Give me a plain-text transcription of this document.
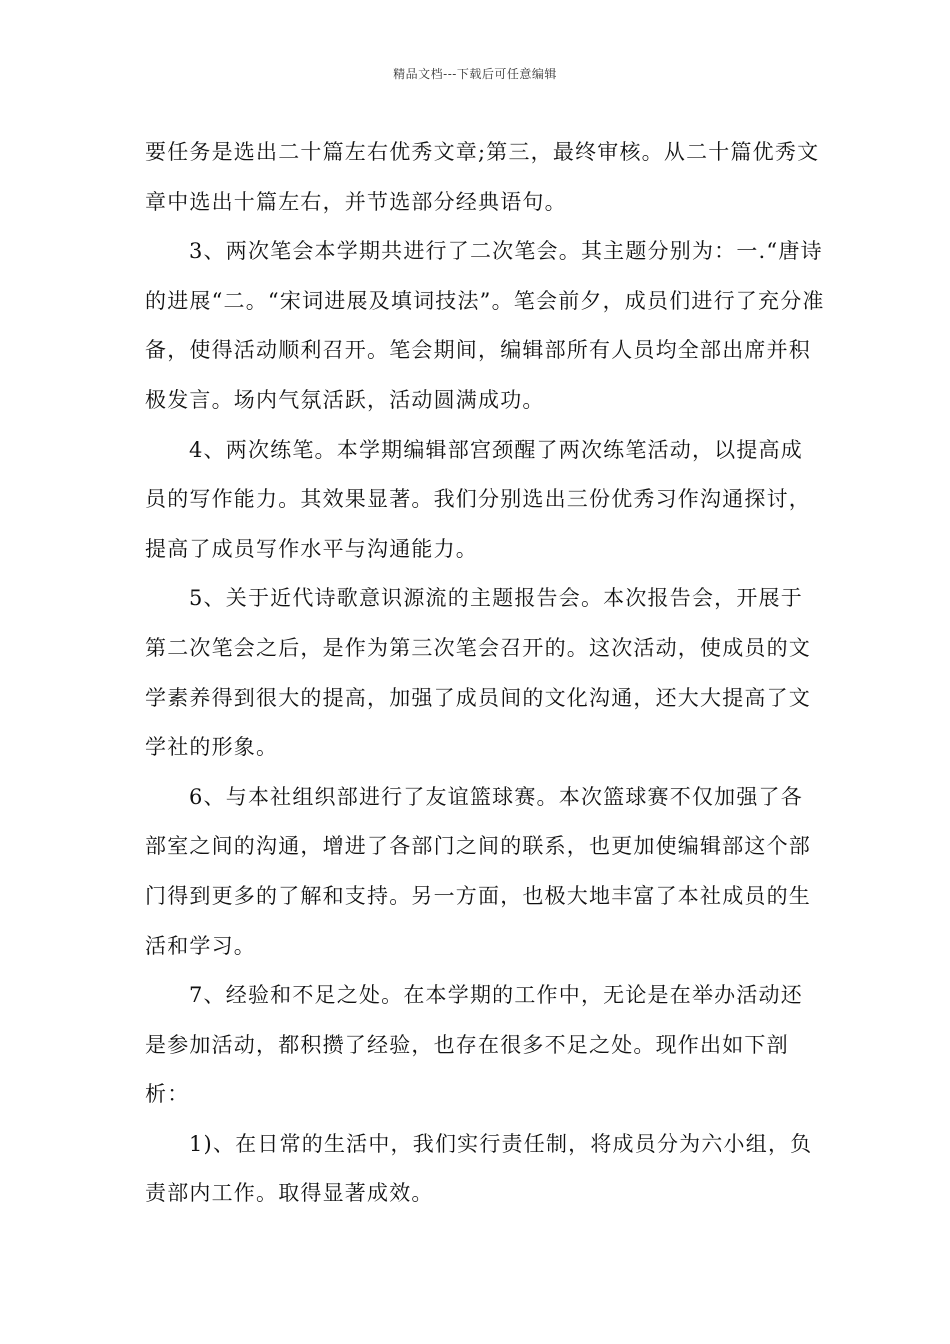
精品文档---下载后可任意编辑

要任务是选出二十篇左右优秀文章;第三，最终审核。从二十篇优秀文章中选出十篇左右，并节选部分经典语句。

3、两次笔会本学期共进行了二次笔会。其主题分别为：一.“唐诗的进展“二。“宋词进展及填词技法”。笔会前夕，成员们进行了充分准备，使得活动顺利召开。笔会期间，编辑部所有人员均全部出席并积极发言。场内气氛活跃，活动圆满成功。

4、两次练笔。本学期编辑部宫颈醒了两次练笔活动，以提高成员的写作能力。其效果显著。我们分别选出三份优秀习作沟通探讨，提高了成员写作水平与沟通能力。

5、关于近代诗歌意识源流的主题报告会。本次报告会，开展于第二次笔会之后，是作为第三次笔会召开的。这次活动，使成员的文学素养得到很大的提高，加强了成员间的文化沟通，还大大提高了文学社的形象。

6、与本社组织部进行了友谊篮球赛。本次篮球赛不仅加强了各部室之间的沟通，增进了各部门之间的联系，也更加使编辑部这个部门得到更多的了解和支持。另一方面，也极大地丰富了本社成员的生活和学习。

7、经验和不足之处。在本学期的工作中，无论是在举办活动还是参加活动，都积攒了经验，也存在很多不足之处。现作出如下剖析：

1)、在日常的生活中，我们实行责任制，将成员分为六小组，负责部内工作。取得显著成效。
